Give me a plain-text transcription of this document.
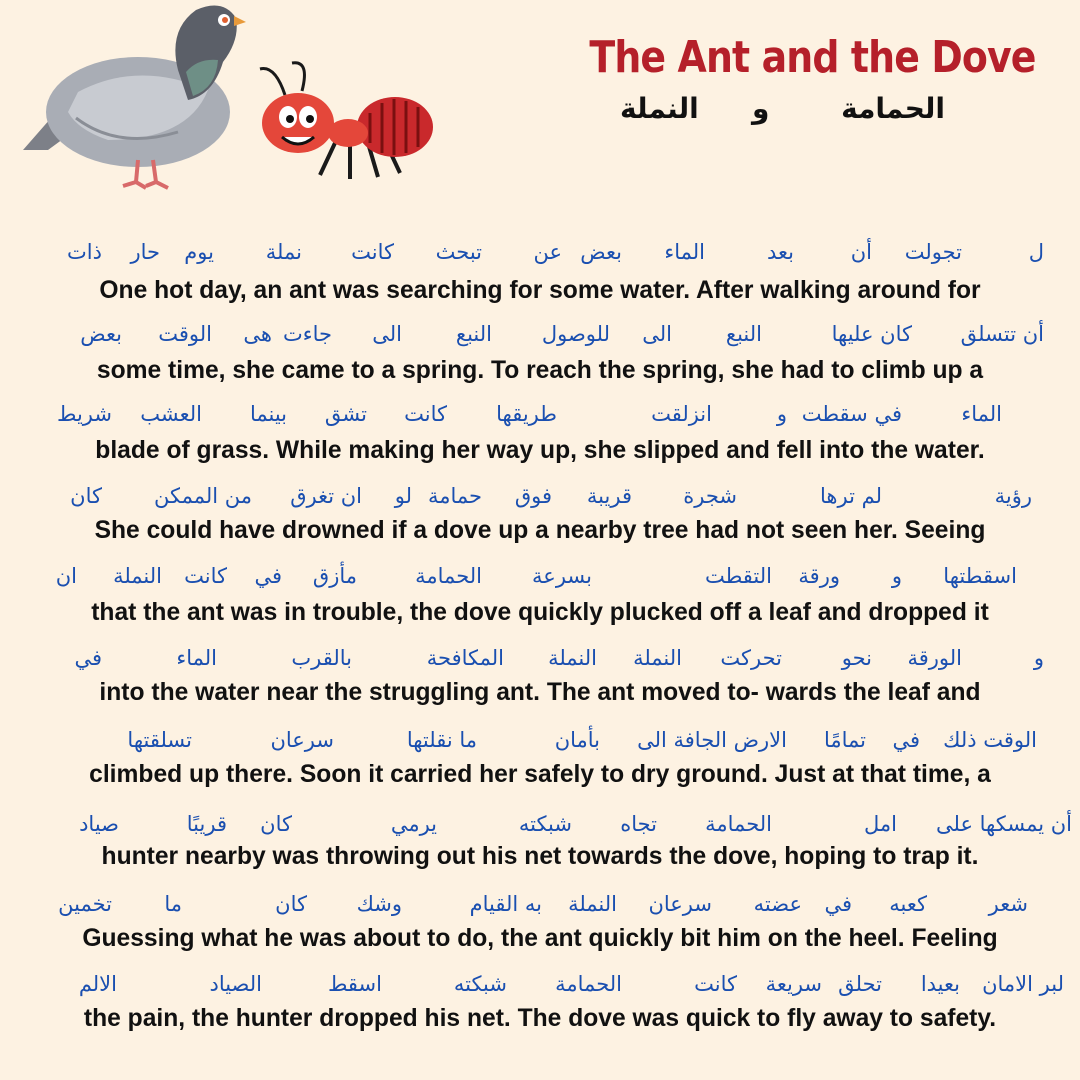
The Ant and the Dove
الحمامة
و
النملة
ل
تجولت
أن
بعد
الماء
بعض
عن
تبحث
كانت
نملة
يوم
حار
ذات
One hot day, an ant was searching for some water. After walking around for
أن تتسلق
كان عليها
النبع
الى
للوصول
النبع
الى
جاءت
هى
الوقت
بعض
some time, she came to a spring. To reach the spring, she had to climb up a
الماء
في سقطت
و
انزلقت
طريقها
كانت
تشق
بينما
العشب
شريط
blade of grass. While making her way up, she slipped and fell into the water.
رؤية
لم ترها
شجرة
قريبة
فوق
حمامة
لو
ان تغرق
من الممكن
كان
She could have drowned if a dove up a nearby tree had not seen her. Seeing
اسقطتها
و
ورقة
التقطت
بسرعة
الحمامة
مأزق
في
كانت
النملة
ان
that the ant was in trouble, the dove quickly plucked off a leaf and dropped it
و
الورقة
نحو
تحركت
النملة
النملة
المكافحة
بالقرب
الماء
في
into the water near the struggling ant. The ant moved to- wards the leaf and
الوقت ذلك
في
تمامًا
الارض
الجافة الى
بأمان
ما نقلتها
سرعان
تسلقتها
climbed up there. Soon it carried her safely to dry ground. Just at that time, a
أن يمسكها على
امل
الحمامة
تجاه
شبكته
يرمي
كان
قريبًا
صياد
hunter nearby was throwing out his net towards the dove, hoping to trap it.
شعر
كعبه
في
عضته
سرعان
النملة
به القيام
وشك
كان
ما
تخمين
Guessing what he was about to do, the ant quickly bit him on the heel. Feeling
لبر الامان
بعيدا
تحلق
سريعة
كانت
الحمامة
شبكته
اسقط
الصياد
الالم
the pain, the hunter dropped his net. The dove was quick to fly away to safety.
